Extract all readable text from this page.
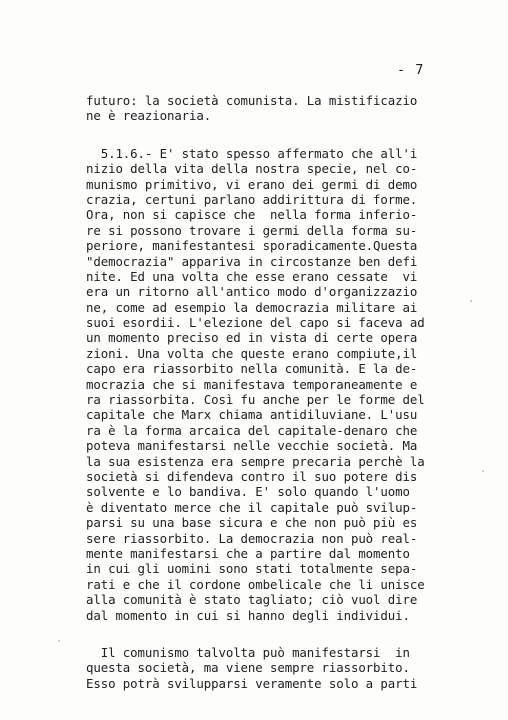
- 7
futuro: la società comunista. La mistificazio
ne è reazionaria.
5.1.6.- E' stato spesso affermato che all'i
nizio della vita della nostra specie, nel co-
munismo primitivo, vi erano dei germi di demo
crazia, certuni parlano addirittura di forme.
Ora, non si capisce che  nella forma inferio-
re si possono trovare i germi della forma su-
periore, manifestantesi sporadicamente.Questa
"democrazia" appariva in circostanze ben defi
nite. Ed una volta che esse erano cessate  vi
era un ritorno all'antico modo d'organizzazio
ne, come ad esempio la democrazia militare ai
suoi esordii. L'elezione del capo si faceva ad
un momento preciso ed in vista di certe opera
zioni. Una volta che queste erano compiute,il
capo era riassorbito nella comunità. E la de-
mocrazia che si manifestava temporaneamente e
ra riassorbita. Così fu anche per le forme del
capitale che Marx chiama antidiluviane. L'usu
ra è la forma arcaica del capitale-denaro che
poteva manifestarsi nelle vecchie società. Ma
la sua esistenza era sempre precaria perchè la
società si difendeva contro il suo potere dis
solvente e lo bandiva. E' solo quando l'uomo
è diventato merce che il capitale può svilup-
parsi su una base sicura e che non può più es
sere riassorbito. La democrazia non può real-
mente manifestarsi che a partire dal momento
in cui gli uomini sono stati totalmente sepa-
rati e che il cordone ombelicale che li unisce
alla comunità è stato tagliato; ciò vuol dire
dal momento in cui si hanno degli individui.
Il comunismo talvolta può manifestarsi  in
questa società, ma viene sempre riassorbito.
Esso potrà svilupparsi veramente solo a parti
